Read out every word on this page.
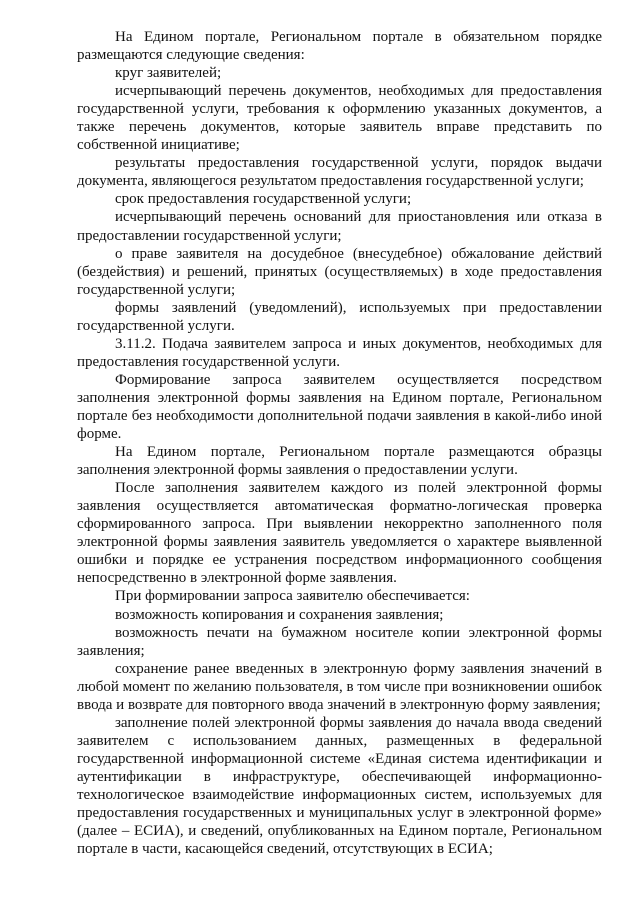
На Едином портале, Региональном портале в обязательном порядке размещаются следующие сведения:

круг заявителей;

исчерпывающий перечень документов, необходимых для предоставления государственной услуги, требования к оформлению указанных документов, а также перечень документов, которые заявитель вправе представить по собственной инициативе;

результаты предоставления государственной услуги, порядок выдачи документа, являющегося результатом предоставления государственной услуги;

срок предоставления государственной услуги;

исчерпывающий перечень оснований для приостановления или отказа в предоставлении государственной услуги;

о праве заявителя на досудебное (внесудебное) обжалование действий (бездействия) и решений, принятых (осуществляемых) в ходе предоставления государственной услуги;

формы заявлений (уведомлений), используемых при предоставлении государственной услуги.

3.11.2. Подача заявителем запроса и иных документов, необходимых для предоставления государственной услуги.

Формирование запроса заявителем осуществляется посредством заполнения электронной формы заявления на Едином портале, Региональном портале без необходимости дополнительной подачи заявления в какой-либо иной форме.

На Едином портале, Региональном портале размещаются образцы заполнения электронной формы заявления о предоставлении услуги.

После заполнения заявителем каждого из полей электронной формы заявления осуществляется автоматическая форматно-логическая проверка сформированного запроса. При выявлении некорректно заполненного поля электронной формы заявления заявитель уведомляется о характере выявленной ошибки и порядке ее устранения посредством информационного сообщения непосредственно в электронной форме заявления.

При формировании запроса заявителю обеспечивается:

возможность копирования и сохранения заявления;

возможность печати на бумажном носителе копии электронной формы заявления;

сохранение ранее введенных в электронную форму заявления значений в любой момент по желанию пользователя, в том числе при возникновении ошибок ввода и возврате для повторного ввода значений в электронную форму заявления;

заполнение полей электронной формы заявления до начала ввода сведений заявителем с использованием данных, размещенных в федеральной государственной информационной системе «Единая система идентификации и аутентификации в инфраструктуре, обеспечивающей информационно-технологическое взаимодействие информационных систем, используемых для предоставления государственных и муниципальных услуг в электронной форме» (далее – ЕСИА), и сведений, опубликованных на Едином портале, Региональном портале в части, касающейся сведений, отсутствующих в ЕСИА;
